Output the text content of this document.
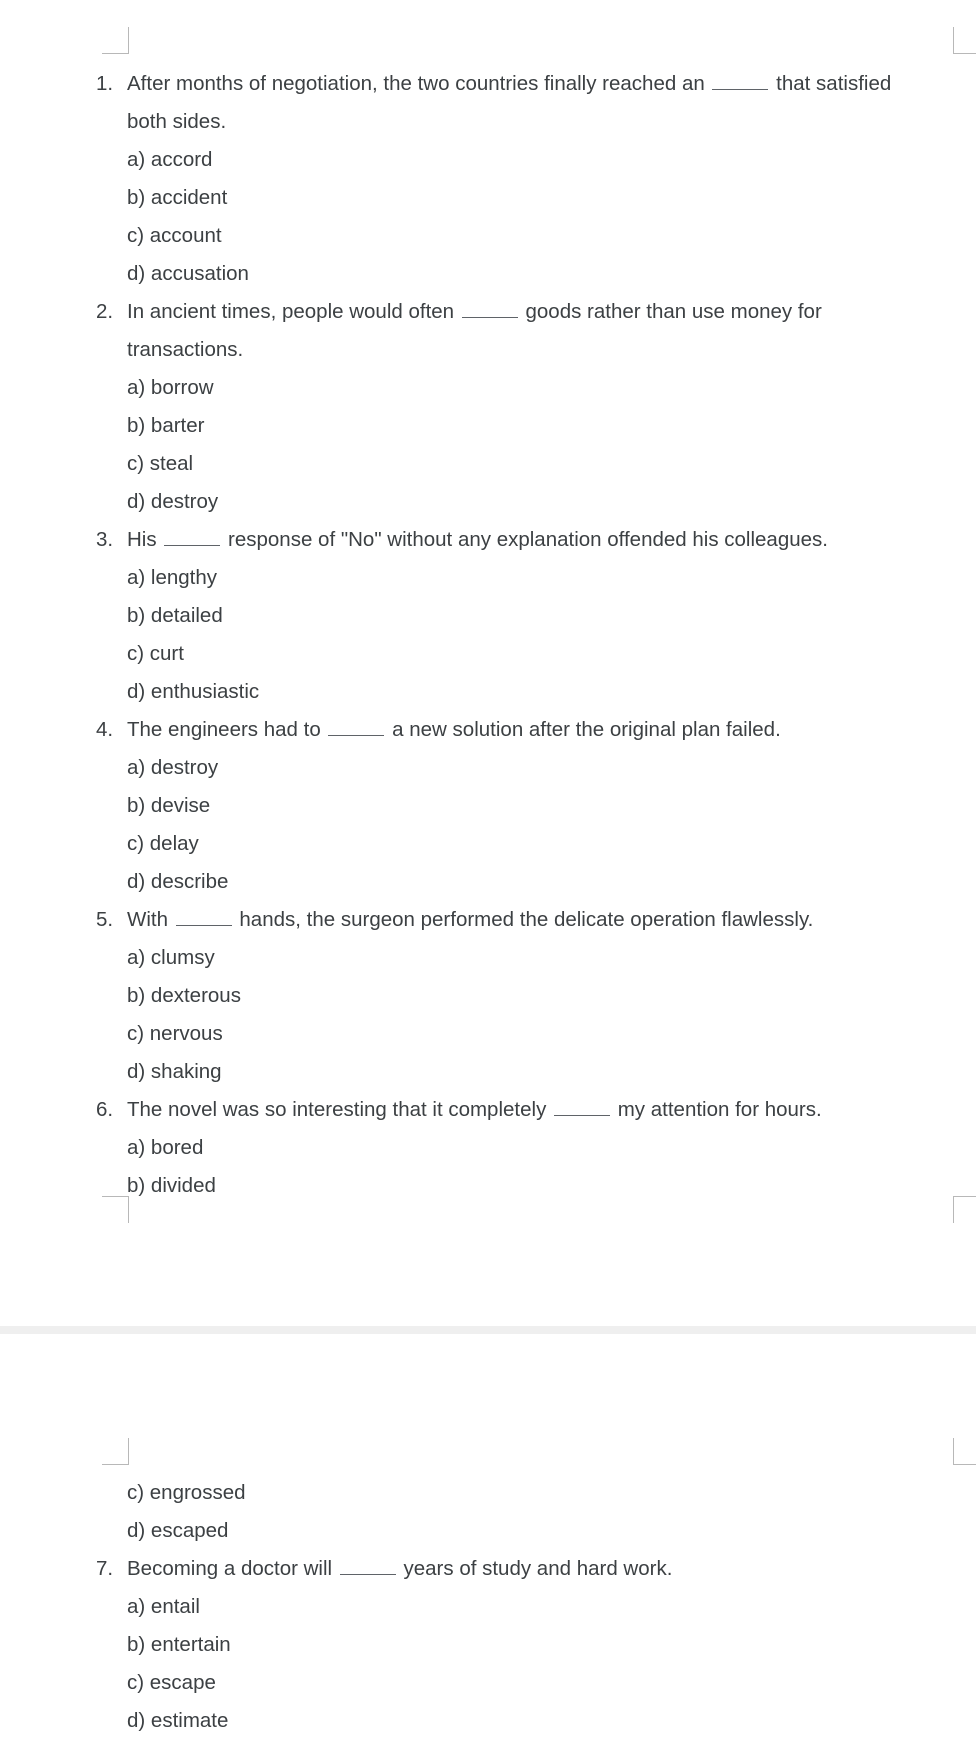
1. After months of negotiation, the two countries finally reached an	that satisfied both sides.
a) accord
b) accident
c) account
d) accusation
2. In ancient times, people would often	goods rather than use money for transactions.
a) borrow
b) barter
c) steal
d) destroy
3. His	response of "No" without any explanation offended his colleagues.
a) lengthy
b) detailed
c) curt
d) enthusiastic
4. The engineers had to	a new solution after the original plan failed.
a) destroy
b) devise
c) delay
d) describe
5. With	hands, the surgeon performed the delicate operation flawlessly.
a) clumsy
b) dexterous
c) nervous
d) shaking
6. The novel was so interesting that it completely	my attention for hours.
a) bored
b) divided
c) engrossed
d) escaped
7. Becoming a doctor will	years of study and hard work.
a) entail
b) entertain
c) escape
d) estimate
